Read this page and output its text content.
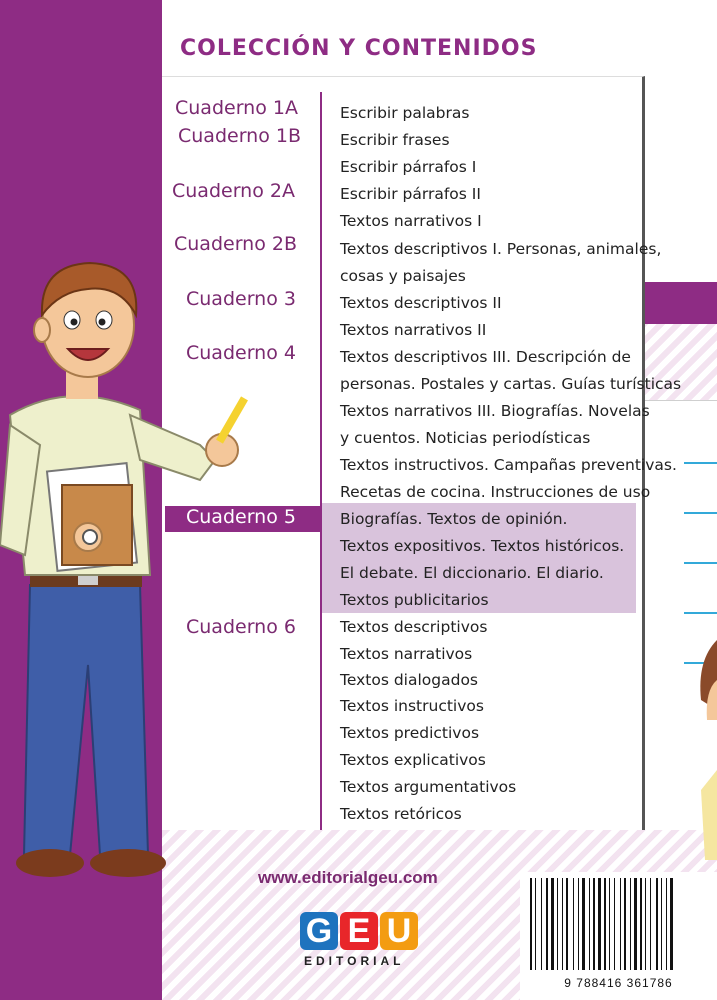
COLECCIÓN Y CONTENIDOS
Cuaderno 1A
Cuaderno 1B
Cuaderno 2A
Cuaderno 2B
Cuaderno 3
Cuaderno 4
Cuaderno 5
Cuaderno 6
Escribir palabras
Escribir frases
Escribir párrafos I
Escribir párrafos II
Textos narrativos I
Textos descriptivos I. Personas, animales,
cosas y paisajes
Textos descriptivos II
Textos narrativos II
Textos descriptivos III. Descripción de
personas. Postales y cartas. Guías turísticas
Textos narrativos III. Biografías. Novelas
y cuentos. Noticias periodísticas
Textos instructivos. Campañas preventivas.
Recetas de cocina. Instrucciones de uso
Biografías. Textos de opinión.
Textos expositivos. Textos históricos.
El debate. El diccionario. El diario.
Textos publicitarios
Textos descriptivos
Textos narrativos
Textos dialogados
Textos instructivos
Textos predictivos
Textos explicativos
Textos argumentativos
Textos retóricos
www.editorialgeu.com
G E U
EDITORIAL
9 788416 361786
